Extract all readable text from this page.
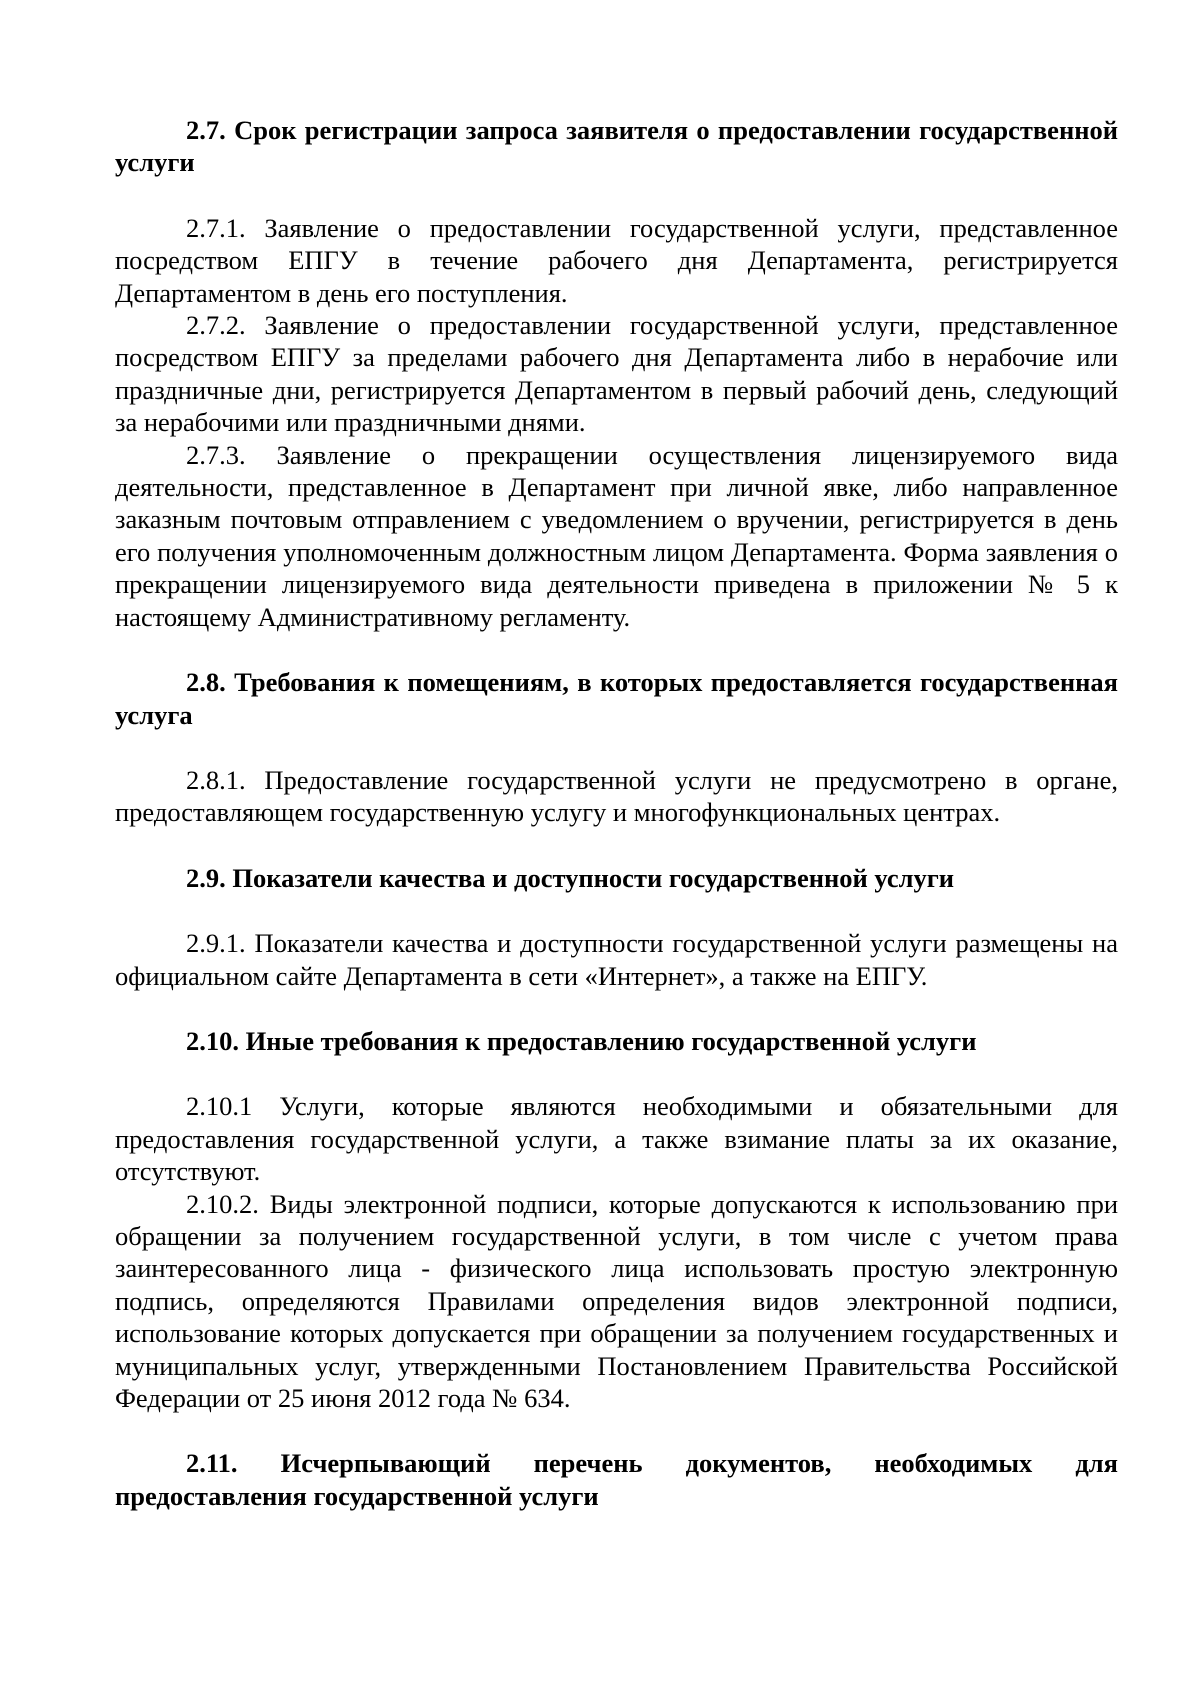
2.7. Срок регистрации запроса заявителя о предоставлении государственной услуги

2.7.1. Заявление о предоставлении государственной услуги, представленное посредством ЕПГУ в течение рабочего дня Департамента, регистрируется Департаментом в день его поступления.

2.7.2. Заявление о предоставлении государственной услуги, представленное посредством ЕПГУ за пределами рабочего дня Департамента либо в нерабочие или праздничные дни, регистрируется Департаментом в первый рабочий день, следующий за нерабочими или праздничными днями.

2.7.3. Заявление о прекращении осуществления лицензируемого вида деятельности, представленное в Департамент при личной явке, либо направленное заказным почтовым отправлением с уведомлением о вручении, регистрируется в день его получения уполномоченным должностным лицом Департамента. Форма заявления о прекращении лицензируемого вида деятельности приведена в приложении № 5 к настоящему Административному регламенту.

2.8. Требования к помещениям, в которых предоставляется государственная услуга

2.8.1. Предоставление государственной услуги не предусмотрено в органе, предоставляющем государственную услугу и многофункциональных центрах.

2.9. Показатели качества и доступности государственной услуги

2.9.1. Показатели качества и доступности государственной услуги размещены на официальном сайте Департамента в сети «Интернет», а также на ЕПГУ.

2.10. Иные требования к предоставлению государственной услуги

2.10.1 Услуги, которые являются необходимыми и обязательными для предоставления государственной услуги, а также взимание платы за их оказание, отсутствуют.

2.10.2. Виды электронной подписи, которые допускаются к использованию при обращении за получением государственной услуги, в том числе с учетом права заинтересованного лица - физического лица использовать простую электронную подпись, определяются Правилами определения видов электронной подписи, использование которых допускается при обращении за получением государственных и муниципальных услуг, утвержденными Постановлением Правительства Российской Федерации от 25 июня 2012 года № 634.

2.11. Исчерпывающий перечень документов, необходимых для предоставления государственной услуги
